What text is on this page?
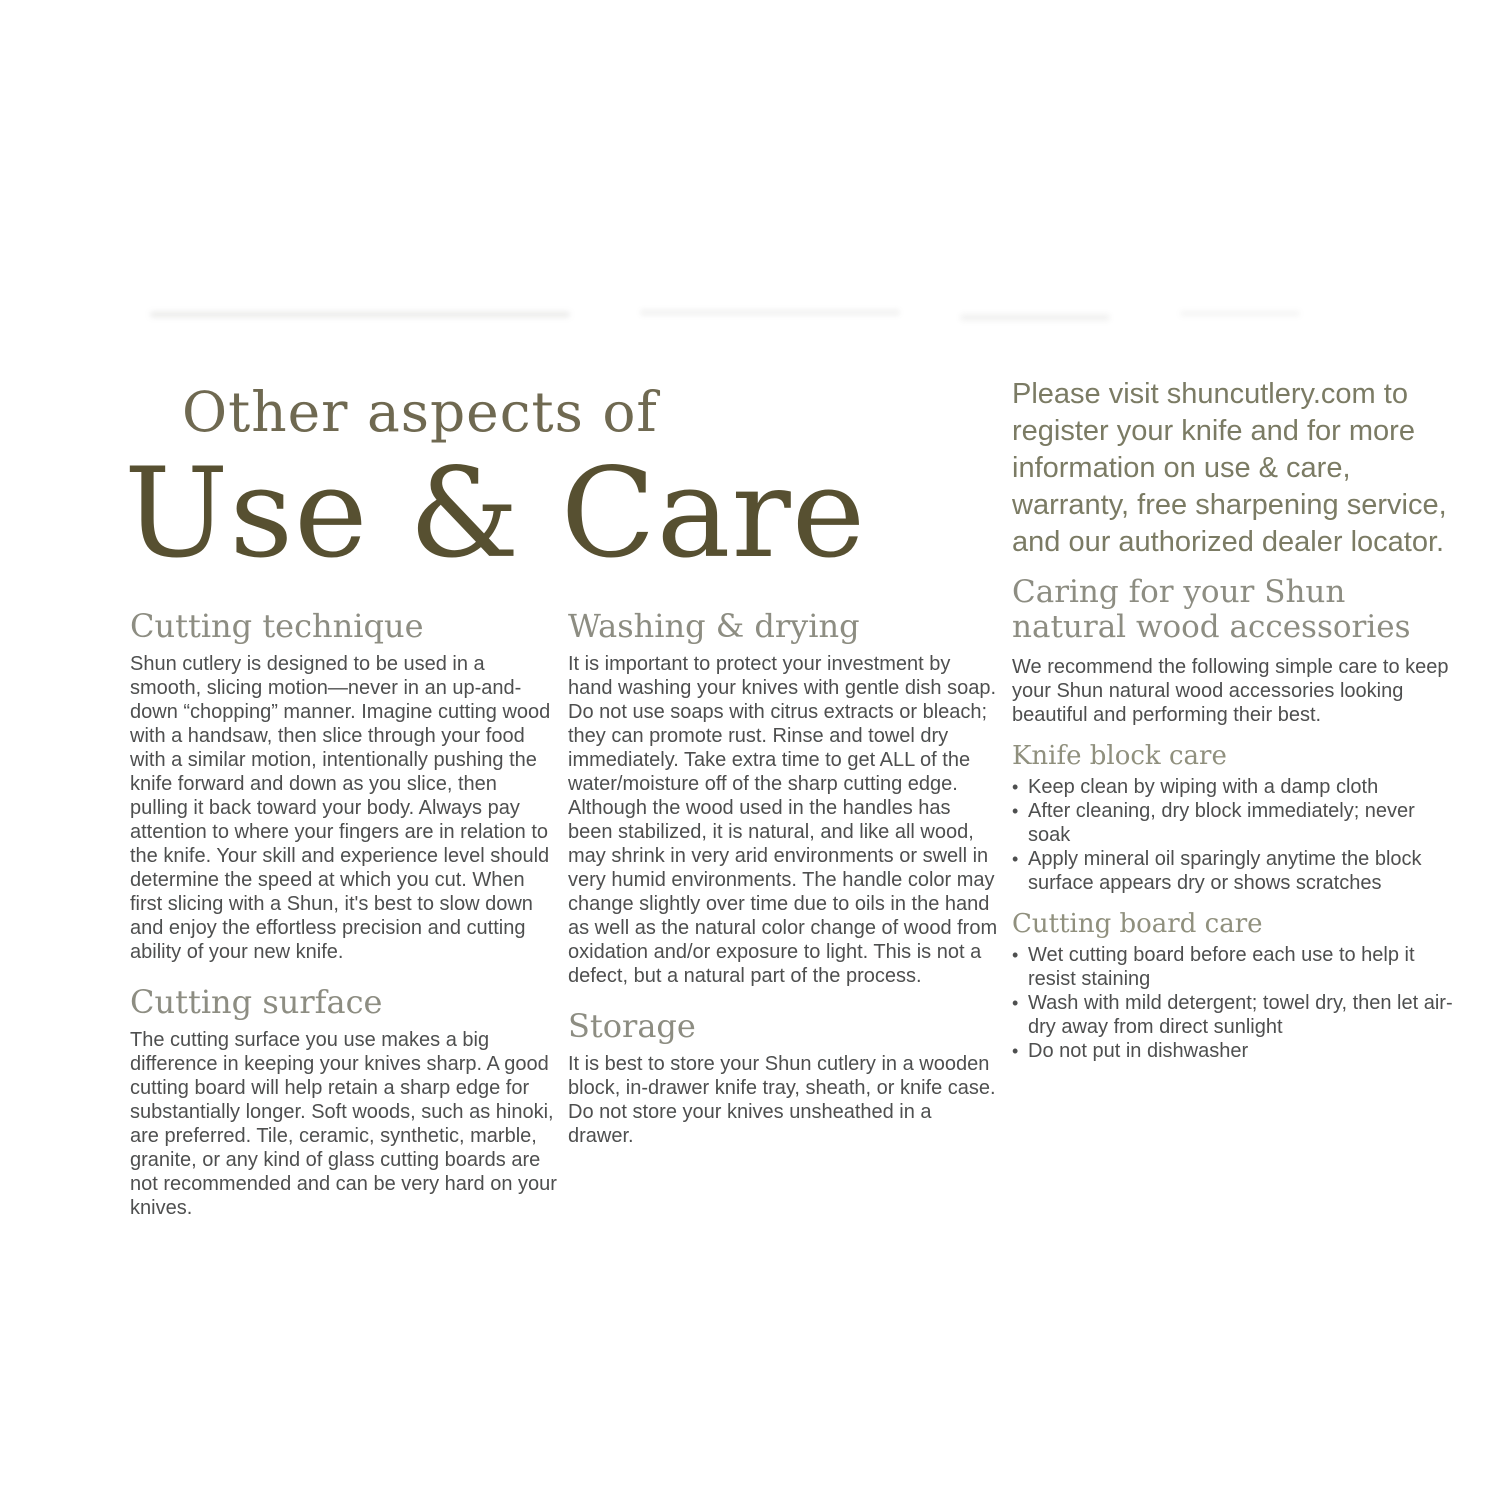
Other aspects of
Use & Care
Cutting technique

Shun cutlery is designed to be used in a smooth, slicing motion—never in an up-and-down “chopping” manner. Imagine cutting wood with a handsaw, then slice through your food with a similar motion, intentionally pushing the knife forward and down as you slice, then pulling it back toward your body. Always pay attention to where your fingers are in relation to the knife. Your skill and experience level should determine the speed at which you cut. When first slicing with a Shun, it's best to slow down and enjoy the effortless precision and cutting ability of your new knife.

Cutting surface

The cutting surface you use makes a big difference in keeping your knives sharp. A good cutting board will help retain a sharp edge for substantially longer. Soft woods, such as hinoki, are preferred. Tile, ceramic, synthetic, marble, granite, or any kind of glass cutting boards are not recommended and can be very hard on your knives.

Washing & drying

It is important to protect your investment by hand washing your knives with gentle dish soap. Do not use soaps with citrus extracts or bleach; they can promote rust. Rinse and towel dry immediately. Take extra time to get ALL of the water/moisture off of the sharp cutting edge. Although the wood used in the handles has been stabilized, it is natural, and like all wood, may shrink in very arid environments or swell in very humid environments. The handle color may change slightly over time due to oils in the hand as well as the natural color change of wood from oxidation and/or exposure to light. This is not a defect, but a natural part of the process.

Storage

It is best to store your Shun cutlery in a wooden block, in-drawer knife tray, sheath, or knife case. Do not store your knives unsheathed in a drawer.

Please visit shuncutlery.com to register your knife and for more information on use & care, warranty, free sharpening service, and our authorized dealer locator.

Caring for your Shun natural wood accessories

We recommend the following simple care to keep your Shun natural wood accessories looking beautiful and performing their best.

Knife block care
• Keep clean by wiping with a damp cloth
• After cleaning, dry block immediately; never soak
• Apply mineral oil sparingly anytime the block surface appears dry or shows scratches
Cutting board care
• Wet cutting board before each use to help it resist staining
• Wash with mild detergent; towel dry, then let air-dry away from direct sunlight
• Do not put in dishwasher
